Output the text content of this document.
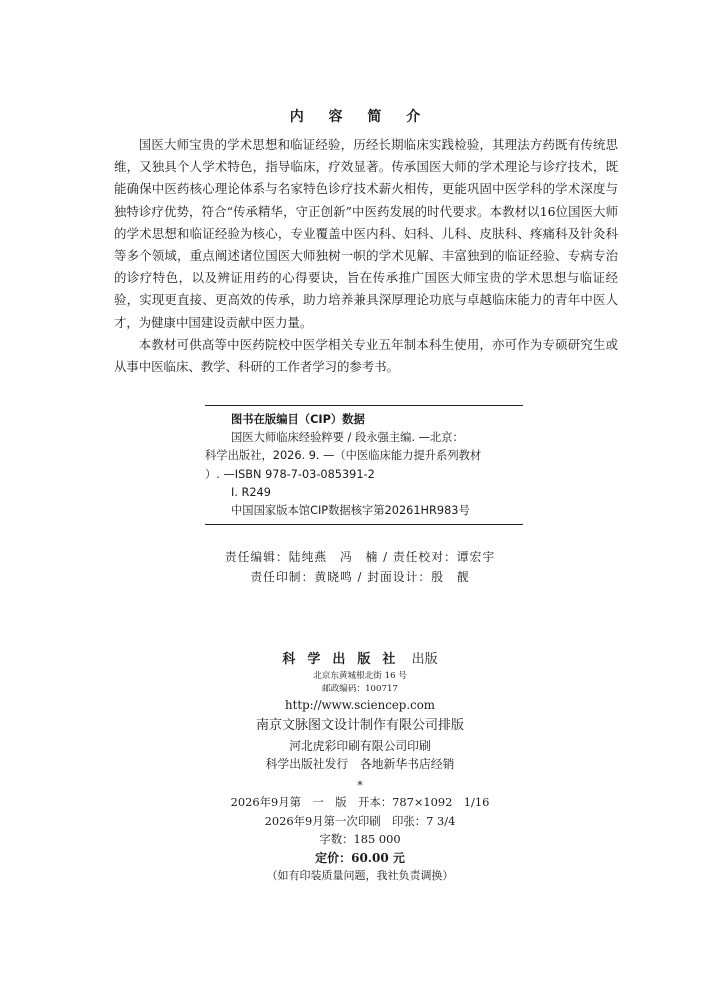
内 容 简 介

国医大师宝贵的学术思想和临证经验，历经长期临床实践检验，其理法方药既有传统思维，又独具个人学术特色，指导临床，疗效显著。传承国医大师的学术理论与诊疗技术，既能确保中医药核心理论体系与名家特色诊疗技术薪火相传，更能巩固中医学科的学术深度与独特诊疗优势，符合“传承精华，守正创新”中医药发展的时代要求。本教材以16位国医大师的学术思想和临证经验为核心，专业覆盖中医内科、妇科、儿科、皮肤科、疼痛科及针灸科等多个领域，重点阐述诸位国医大师独树一帜的学术见解、丰富独到的临证经验、专病专治的诊疗特色，以及辨证用药的心得要诀，旨在传承推广国医大师宝贵的学术思想与临证经验，实现更直接、更高效的传承，助力培养兼具深厚理论功底与卓越临床能力的青年中医人才，为健康中国建设贡献中医力量。

本教材可供高等中医药院校中医学相关专业五年制本科生使用，亦可作为专硕研究生或从事中医临床、教学、科研的工作者学习的参考书。

图书在版编目（CIP）数据
国医大师临床经验粹要 / 段永强主编. —北京：
科学出版社，2026. 9. —（中医临床能力提升系列教材
）. —ISBN 978-7-03-085391-2
Ⅰ. R249
中国国家版本馆CIP数据核字第20261HR983号
责任编辑：陆纯燕　冯　楠 / 责任校对：谭宏宇
责任印制：黄晓鸣 / 封面设计：殷　靓
科学出版社 出版
北京东黄城根北街 16 号
邮政编码：100717
http://www.sciencep.com
南京文脉图文设计制作有限公司排版
河北虎彩印刷有限公司印刷
科学出版社发行　各地新华书店经销
*
2026年9月第　一　版　开本：787×1092　1/16
2026年9月第一次印刷　印张：7 3/4
字数：185 000
定价：60.00 元
（如有印装质量问题，我社负责调换）
